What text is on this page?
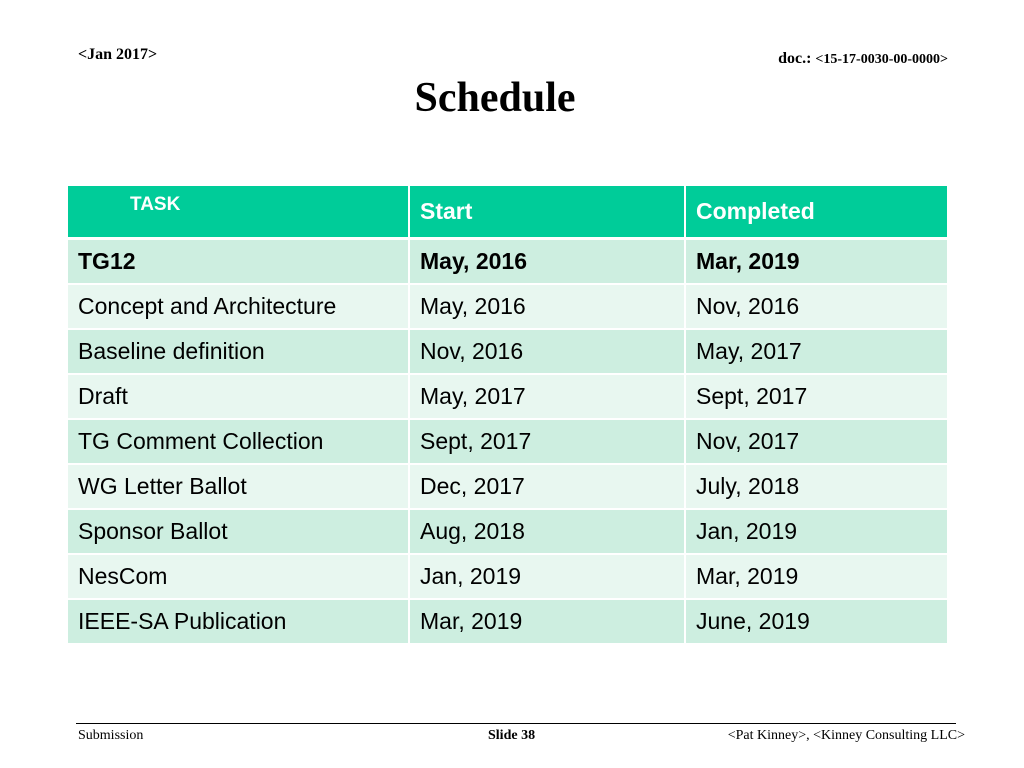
<Jan 2017>	doc.: <15-17-0030-00-0000>
Schedule
TASK	Start	Completed
TG12	May, 2016	Mar, 2019
Concept and Architecture	May, 2016	Nov, 2016
Baseline definition	Nov, 2016	May, 2017
Draft	May, 2017	Sept, 2017
TG Comment Collection	Sept, 2017	Nov, 2017
WG Letter Ballot	Dec, 2017	July, 2018
Sponsor Ballot	Aug, 2018	Jan, 2019
NesCom	Jan, 2019	Mar, 2019
IEEE-SA Publication	Mar, 2019	June, 2019
Submission	Slide 38	<Pat Kinney>, <Kinney Consulting LLC>
